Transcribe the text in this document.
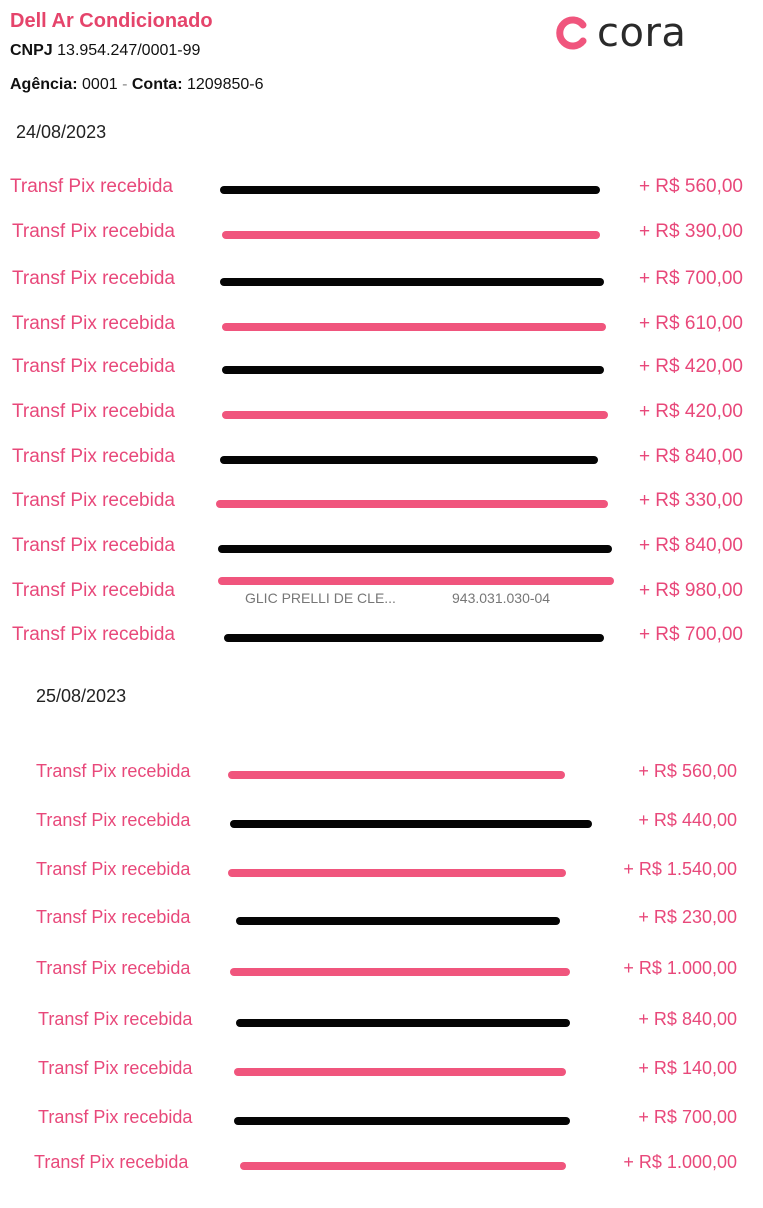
Dell Ar Condicionado
CNPJ 13.954.247/0001-99
Agência: 0001 - Conta: 1209850-6
cora
24/08/2023
Transf Pix recebida	+ R$ 560,00
Transf Pix recebida	+ R$ 390,00
Transf Pix recebida	+ R$ 700,00
Transf Pix recebida	+ R$ 610,00
Transf Pix recebida	+ R$ 420,00
Transf Pix recebida	+ R$ 420,00
Transf Pix recebida	+ R$ 840,00
Transf Pix recebida	+ R$ 330,00
Transf Pix recebida	+ R$ 840,00
Transf Pix recebida	GLIC PRELLI DE CLE...	943.031.030-04	+ R$ 980,00
Transf Pix recebida	+ R$ 700,00
25/08/2023
Transf Pix recebida	+ R$ 560,00
Transf Pix recebida	+ R$ 440,00
Transf Pix recebida	+ R$ 1.540,00
Transf Pix recebida	+ R$ 230,00
Transf Pix recebida	+ R$ 1.000,00
Transf Pix recebida	+ R$ 840,00
Transf Pix recebida	+ R$ 140,00
Transf Pix recebida	+ R$ 700,00
Transf Pix recebida	+ R$ 1.000,00
